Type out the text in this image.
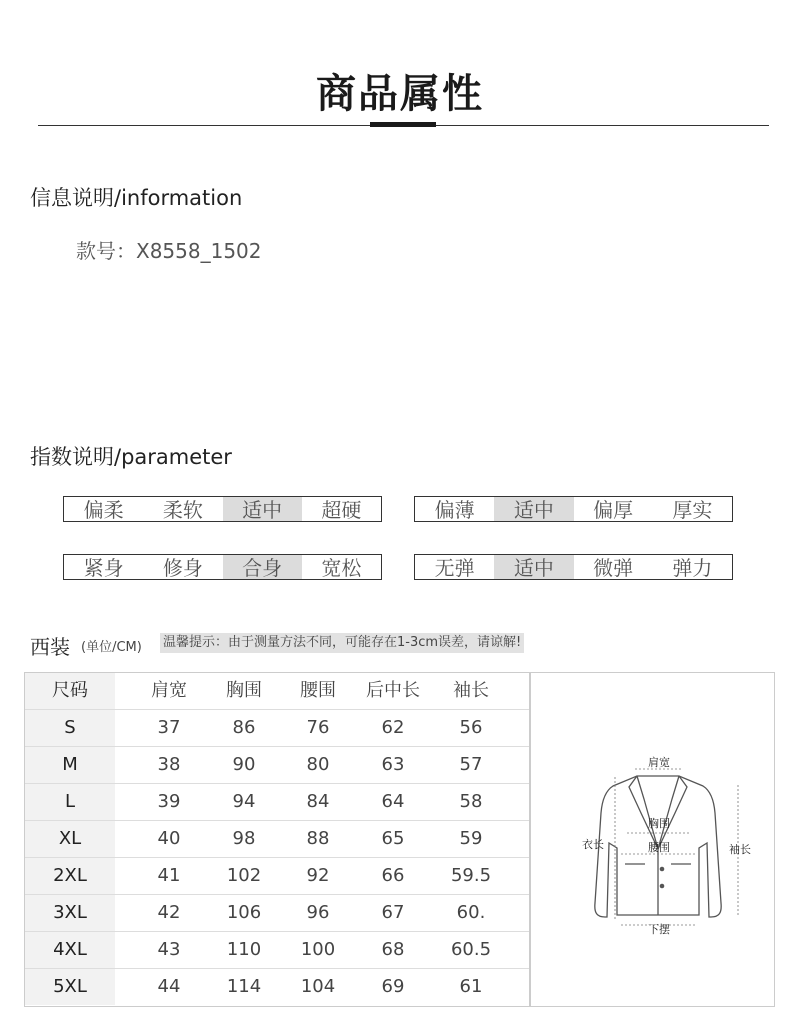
商品属性
信息说明/information
款号：X8558_1502
指数说明/parameter
偏柔	柔软	适中	超硬	偏薄	适中	偏厚	厚实
紧身	修身	合身	宽松	无弹	适中	微弹	弹力
西装 (单位/CM) 温馨提示：由于测量方法不同，可能存在1-3cm误差，请谅解!
尺码	肩宽	胸围	腰围	后中长	袖长
S	37	86	76	62	56
M	38	90	80	63	57
L	39	94	84	64	58
XL	40	98	88	65	59
2XL	41	102	92	66	59.5
3XL	42	106	96	67	60.
4XL	43	110	100	68	60.5
5XL	44	114	104	69	61
肩宽
胸围
腰围
衣长	袖长
下摆
